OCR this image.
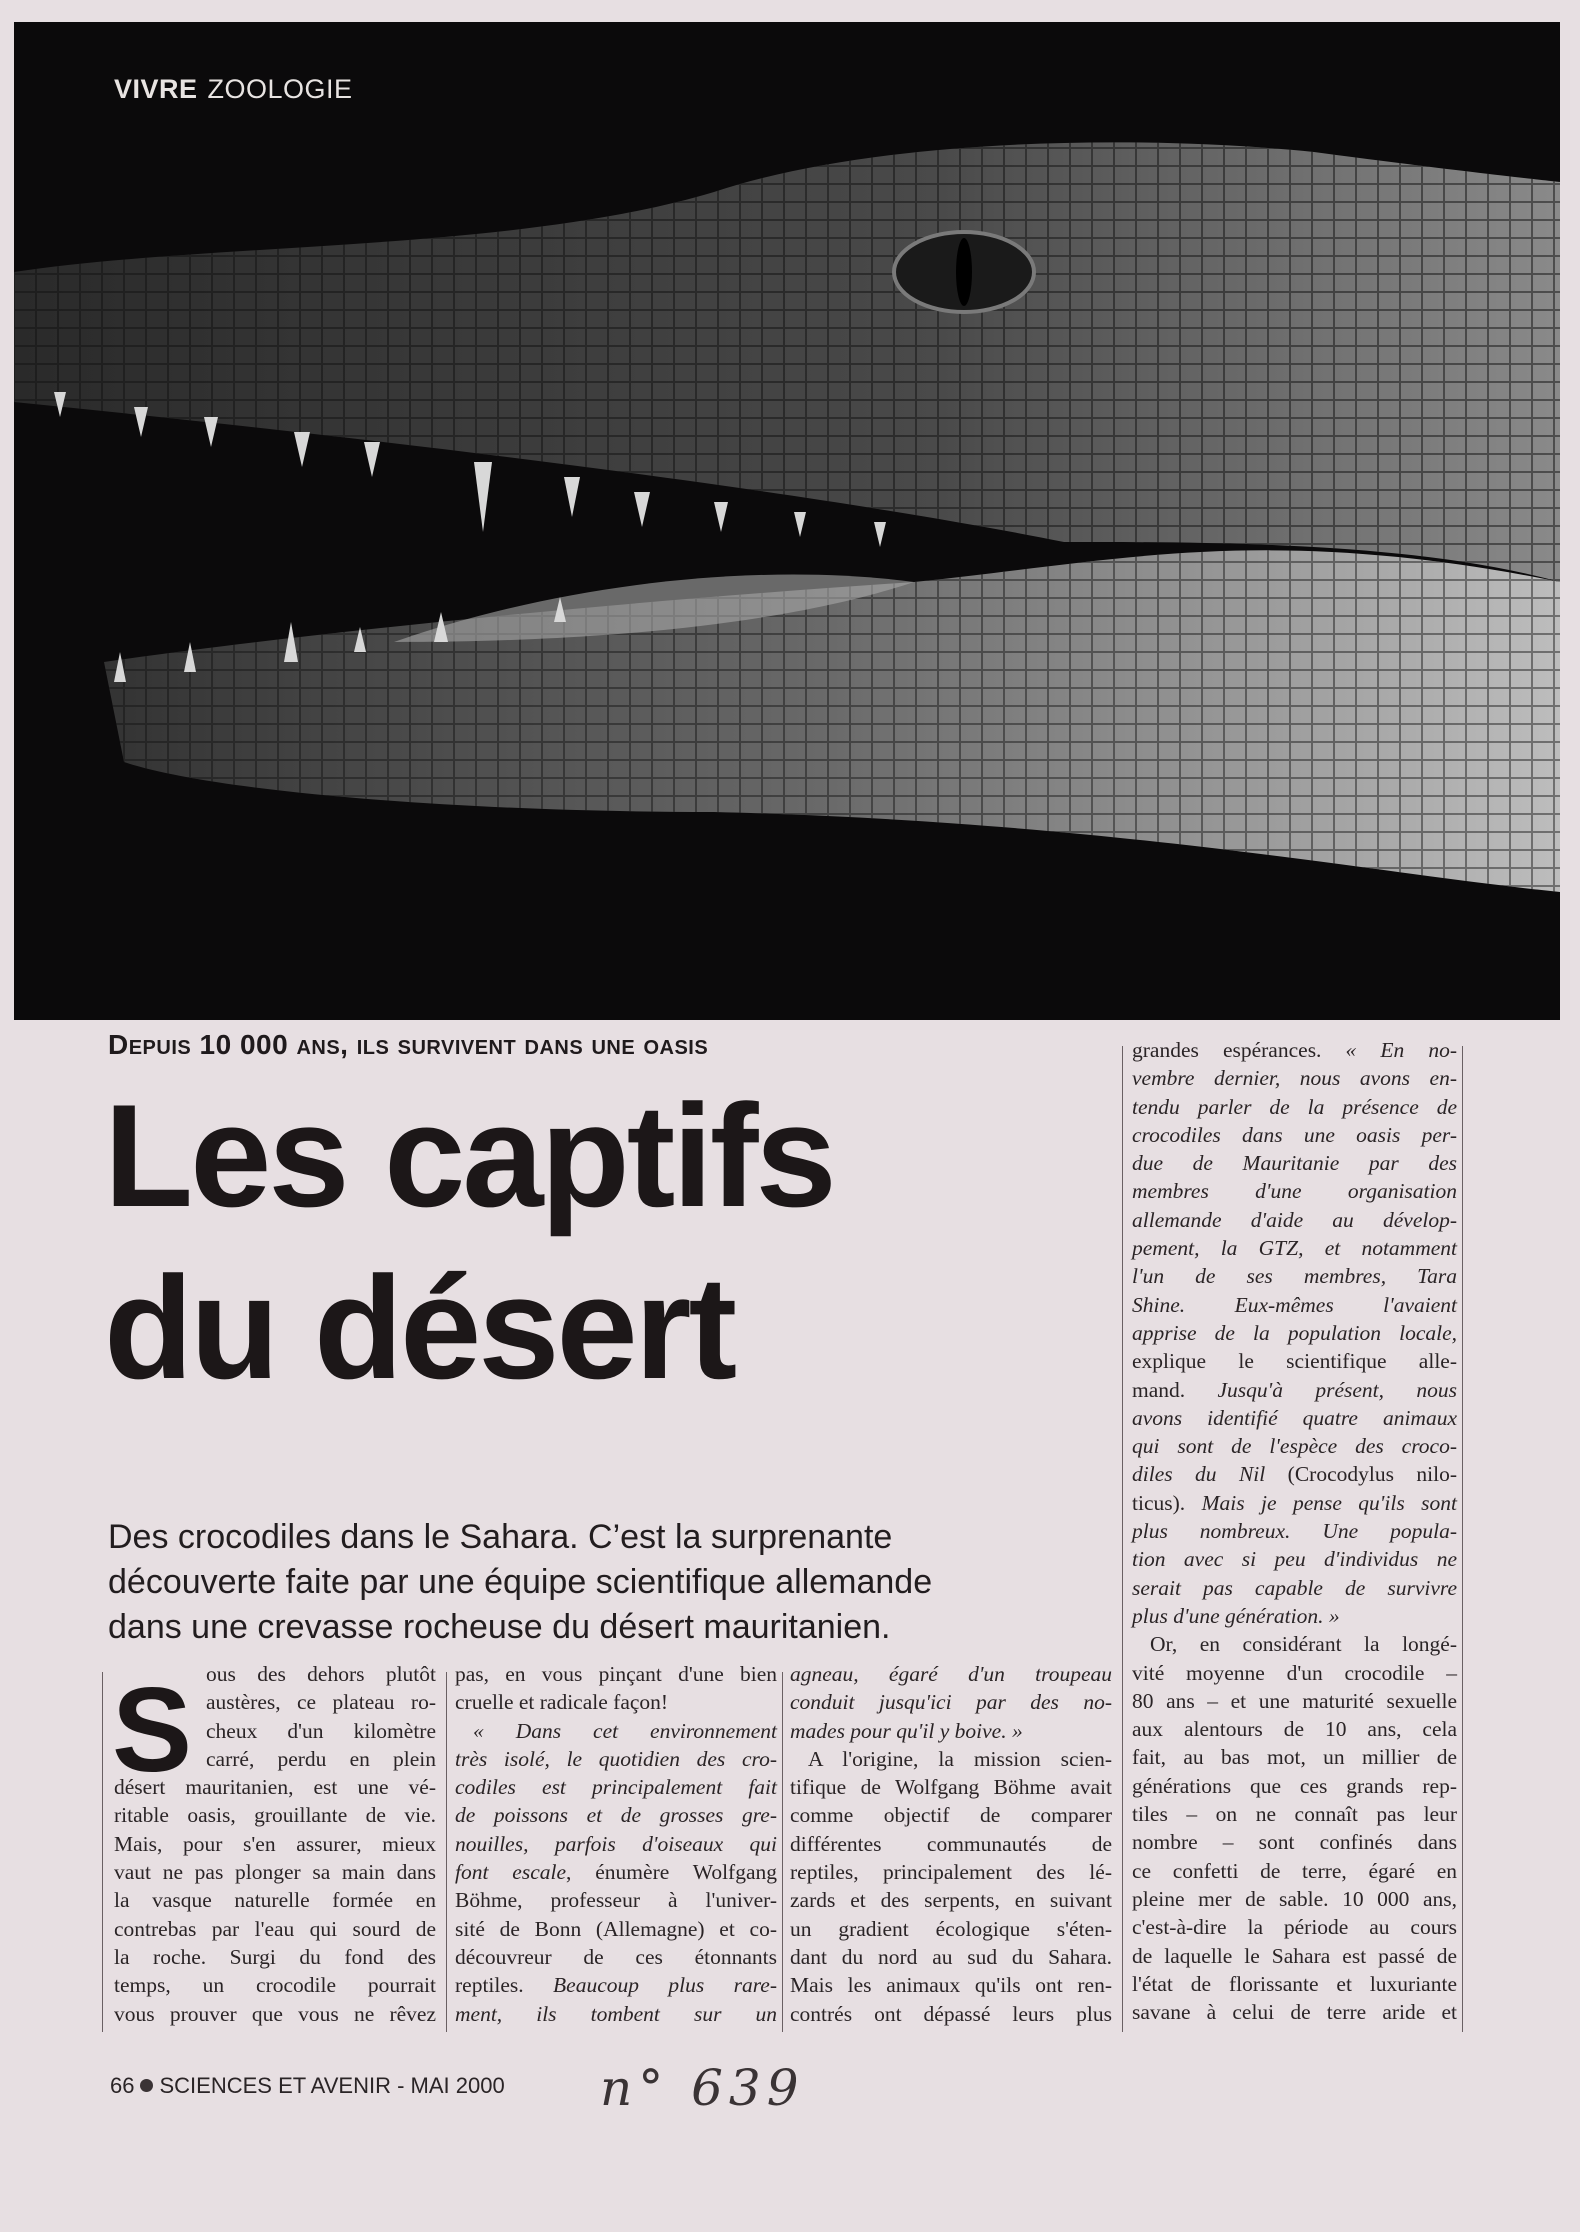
VIVRE ZOOLOGIE
Depuis 10 000 ans, ils survivent dans une oasis
Les captifs
du désert
Des crocodiles dans le Sahara. C’est la surprenante
découverte faite par une équipe scientifique allemande
dans une crevasse rocheuse du désert mauritanien.
S ous des dehors plutôt
austères, ce plateau ro-
cheux d'un kilomètre
carré, perdu en plein
désert mauritanien, est une vé-
ritable oasis, grouillante de vie.
Mais, pour s'en assurer, mieux
vaut ne pas plonger sa main dans
la vasque naturelle formée en
contrebas par l'eau qui sourd de
la roche. Surgi du fond des
temps, un crocodile pourrait
vous prouver que vous ne rêvez
pas, en vous pinçant d'une bien
cruelle et radicale façon!
« Dans cet environnement
très isolé, le quotidien des cro-
codiles est principalement fait
de poissons et de grosses gre-
nouilles, parfois d'oiseaux qui
font escale, énumère Wolfgang
Böhme, professeur à l'univer-
sité de Bonn (Allemagne) et co-
découvreur de ces étonnants
reptiles. Beaucoup plus rare-
ment, ils tombent sur un
agneau, égaré d'un troupeau
conduit jusqu'ici par des no-
mades pour qu'il y boive. »
A l'origine, la mission scien-
tifique de Wolfgang Böhme avait
comme objectif de comparer
différentes communautés de
reptiles, principalement des lé-
zards et des serpents, en suivant
un gradient écologique s'éten-
dant du nord au sud du Sahara.
Mais les animaux qu'ils ont ren-
contrés ont dépassé leurs plus
grandes espérances. « En no-
vembre dernier, nous avons en-
tendu parler de la présence de
crocodiles dans une oasis per-
due de Mauritanie par des
membres d'une organisation
allemande d'aide au dévelop-
pement, la GTZ, et notamment
l'un de ses membres, Tara
Shine. Eux-mêmes l'avaient
apprise de la population locale,
explique le scientifique alle-
mand. Jusqu'à présent, nous
avons identifié quatre animaux
qui sont de l'espèce des croco-
diles du Nil (Crocodylus nilo-
ticus). Mais je pense qu'ils sont
plus nombreux. Une popula-
tion avec si peu d'individus ne
serait pas capable de survivre
plus d'une génération. »
Or, en considérant la longé-
vité moyenne d'un crocodile –
80 ans – et une maturité sexuelle
aux alentours de 10 ans, cela
fait, au bas mot, un millier de
générations que ces grands rep-
tiles – on ne connaît pas leur
nombre – sont confinés dans
ce confetti de terre, égaré en
pleine mer de sable. 10 000 ans,
c'est-à-dire la période au cours
de laquelle le Sahara est passé de
l'état de florissante et luxuriante
savane à celui de terre aride et
66 SCIENCES ET AVENIR - MAI 2000 n° 639
